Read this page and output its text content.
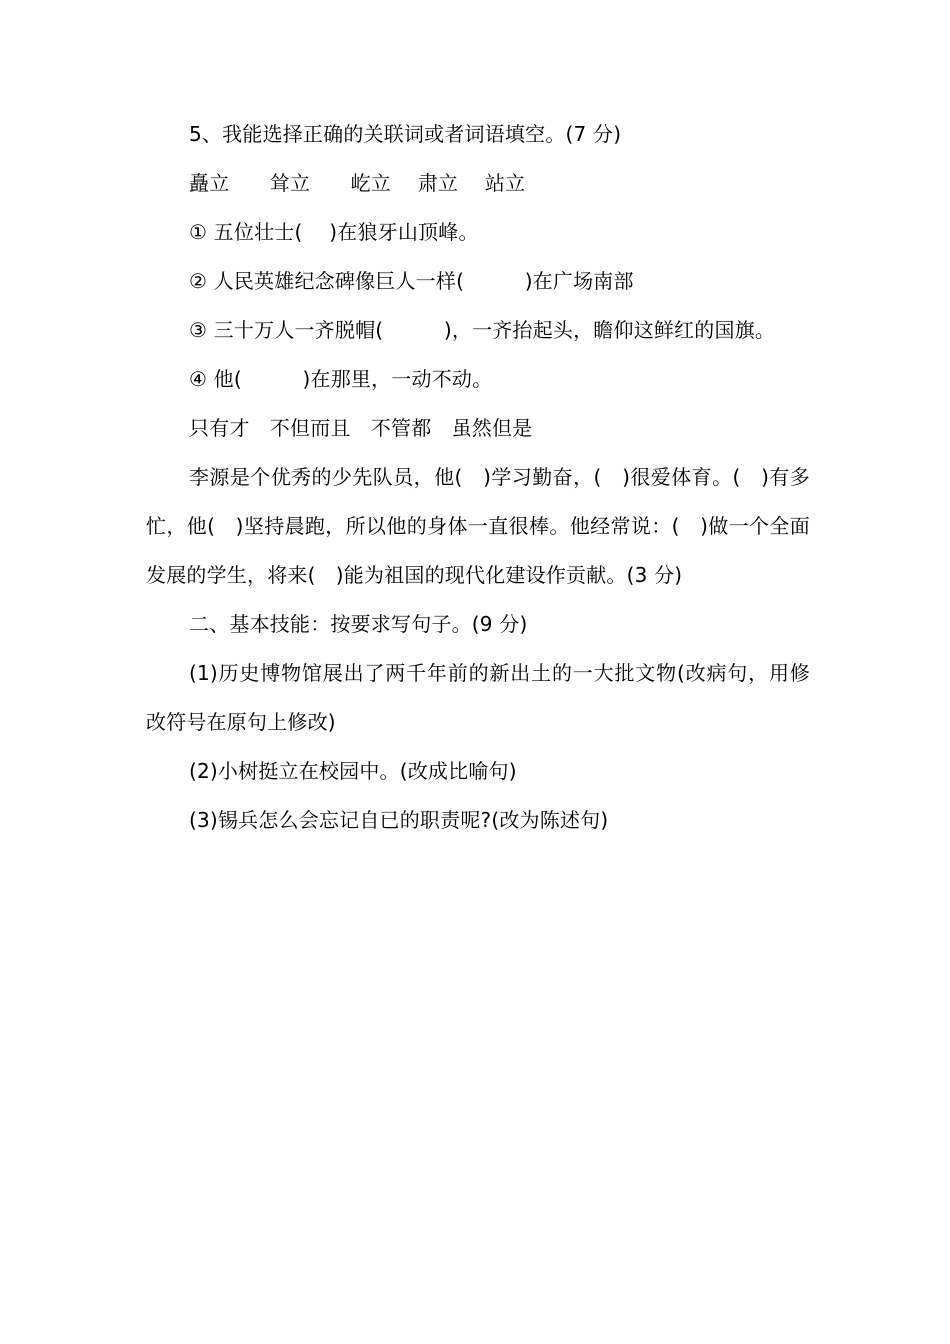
5、我能选择正确的关联词或者词语填空。(7 分)
矗立　　耸立　　屹立　 肃立　 站立
① 五位壮士(　 )在狼牙山顶峰。
② 人民英雄纪念碑像巨人一样(　　　)在广场南部
③ 三十万人一齐脱帽(　　　)，一齐抬起头，瞻仰这鲜红的国旗。
④ 他(　　　)在那里，一动不动。
只有才　不但而且　不管都　虽然但是
李源是个优秀的少先队员，他(　)学习勤奋，(　)很爱体育。(　)有多忙，他(　)坚持晨跑，所以他的身体一直很棒。他经常说：(　)做一个全面发展的学生，将来(　)能为祖国的现代化建设作贡献。(3 分)
二、基本技能：按要求写句子。(9 分)
(1)历史博物馆展出了两千年前的新出土的一大批文物(改病句，用修改符号在原句上修改)
(2)小树挺立在校园中。(改成比喻句)
(3)锡兵怎么会忘记自已的职责呢?(改为陈述句)
